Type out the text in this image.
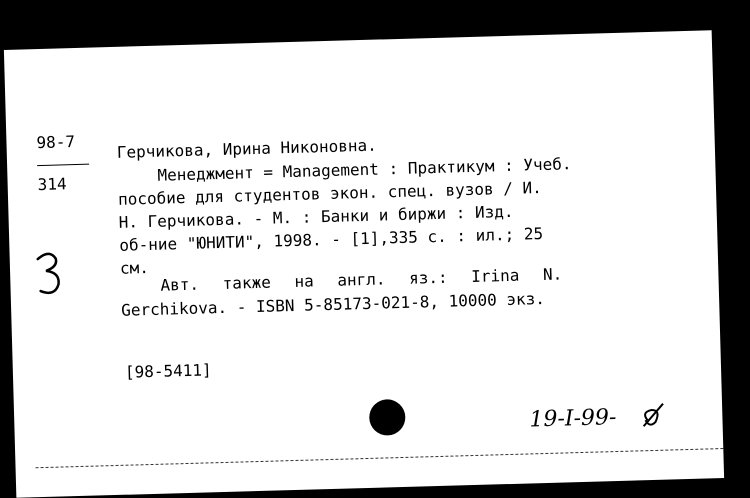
98-7
314
Герчикова, Ирина Никоновна.
Менеджмент = Management : Практикум : Учеб.
пособие для студентов экон. спец. вузов / И.
Н. Герчикова. - М. : Банки и биржи : Изд.
об-ние "ЮНИТИ", 1998. - [1],335 с. : ил.; 25
см. Авт. также на англ. яз.: Irina N.
Gerchikova. - ISBN 5-85173-021-8, 10000 экз.
[98-5411]
19-I-99-
